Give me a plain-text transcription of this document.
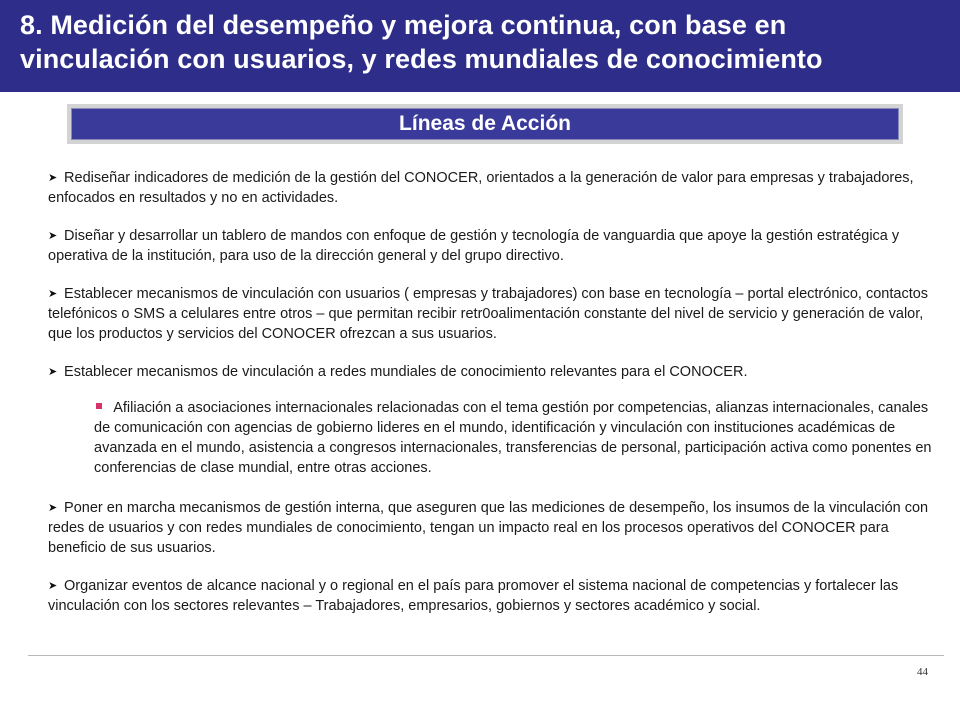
8. Medición del desempeño y mejora continua, con base en
vinculación con usuarios, y redes mundiales de conocimiento

Líneas de Acción
➤ Rediseñar indicadores de medición de la gestión del CONOCER, orientados a la generación de valor para empresas y trabajadores, enfocados en resultados y no en actividades.
➤ Diseñar y desarrollar un tablero de mandos con enfoque de gestión y tecnología de vanguardia que apoye la gestión estratégica y operativa de la institución, para uso de la dirección general y del grupo directivo.
➤ Establecer mecanismos de vinculación con usuarios ( empresas y trabajadores) con base en tecnología – portal electrónico, contactos telefónicos o SMS a celulares entre otros – que permitan recibir retr0oalimentación constante del nivel de servicio y generación de valor, que los productos y servicios del CONOCER ofrezcan a sus usuarios.
➤ Establecer mecanismos de vinculación a redes mundiales de conocimiento relevantes para el CONOCER.
Afiliación a asociaciones internacionales relacionadas con el tema gestión por competencias, alianzas internacionales, canales de comunicación con agencias de gobierno lideres en el mundo, identificación y vinculación con instituciones académicas de avanzada en el mundo, asistencia a congresos internacionales, transferencias de personal, participación activa como ponentes en conferencias de clase mundial, entre otras acciones.
➤ Poner en marcha mecanismos de gestión interna, que aseguren que las mediciones de desempeño, los insumos de la vinculación con redes de usuarios y con redes mundiales de conocimiento, tengan un impacto real en los procesos operativos del CONOCER para beneficio de sus usuarios.
➤ Organizar eventos de alcance nacional y o regional en el país para promover el sistema nacional de competencias y fortalecer las vinculación con los sectores relevantes – Trabajadores, empresarios, gobiernos y sectores académico y social.
44
